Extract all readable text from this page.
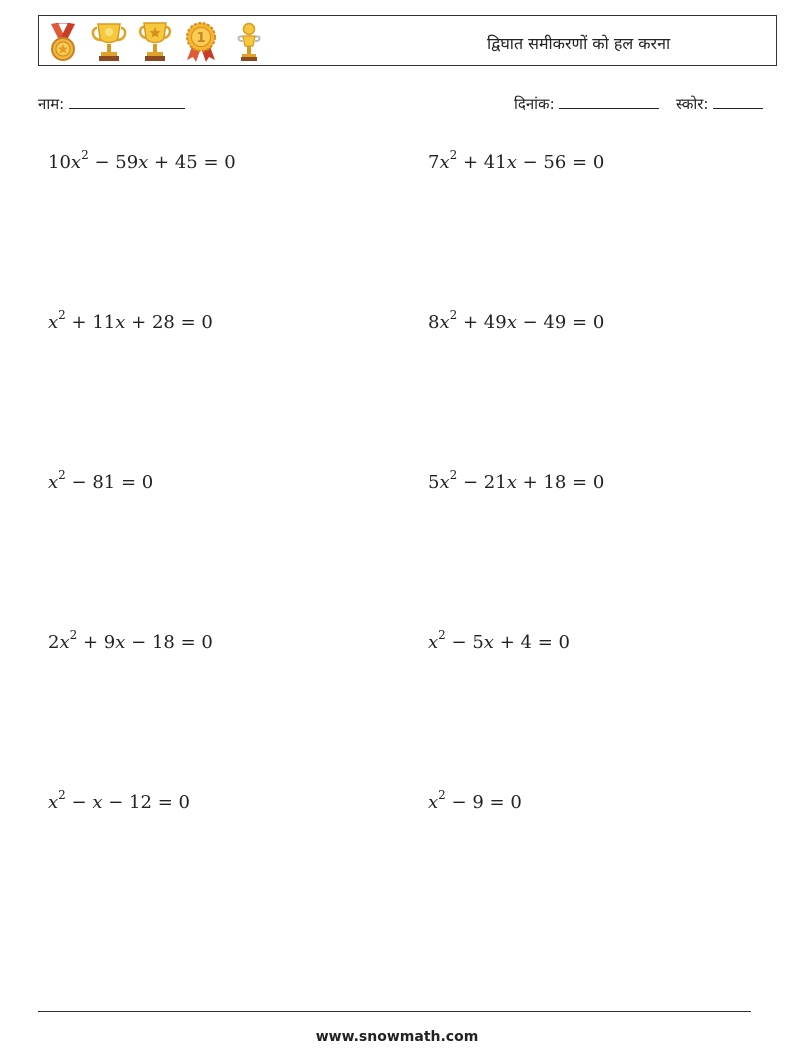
1	द्विघात समीकरणों को हल करना
नाम:	दिनांक:	स्कोर:
$10x^2 - 59x + 45 = 0$	$7x^2 + 41x - 56 = 0$
$x^2 + 11x + 28 = 0$	$8x^2 + 49x - 49 = 0$
$x^2 - 81 = 0$	$5x^2 - 21x + 18 = 0$
$2x^2 + 9x - 18 = 0$	$x^2 - 5x + 4 = 0$
$x^2 - x - 12 = 0$	$x^2 - 9 = 0$
www.snowmath.com
